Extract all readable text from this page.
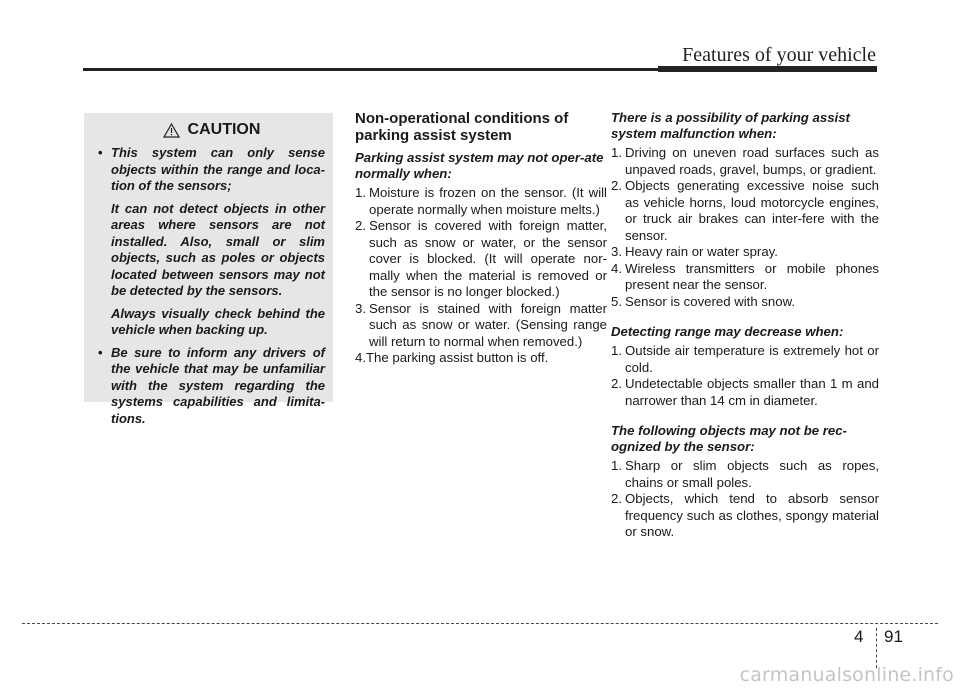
Features of your vehicle
CAUTION

• This system can only sense objects within the range and loca-tion of the sensors;

It can not detect objects in other areas where sensors are not installed. Also, small or slim objects, such as poles or objects located between sensors may not be detected by the sensors.

Always visually check behind the vehicle when backing up.

• Be sure to inform any drivers of the vehicle that may be unfamiliar with the system regarding the systems capabilities and limita-tions.

Non-operational conditions of parking assist system
Parking assist system may not oper-ate normally when:
1. Moisture is frozen on the sensor. (It will operate normally when moisture melts.)
2. Sensor is covered with foreign matter, such as snow or water, or the sensor cover is blocked. (It will operate nor-mally when the material is removed or the sensor is no longer blocked.)
3. Sensor is stained with foreign matter such as snow or water. (Sensing range will return to normal when removed.)

4.The parking assist button is off.

There is a possibility of parking assist system malfunction when:
1. Driving on uneven road surfaces such as unpaved roads, gravel, bumps, or gradient.
2. Objects generating excessive noise such as vehicle horns, loud motorcycle engines, or truck air brakes can inter-fere with the sensor.
3. Heavy rain or water spray.
4. Wireless transmitters or mobile phones present near the sensor.
5. Sensor is covered with snow.
Detecting range may decrease when:
1. Outside air temperature is extremely hot or cold.
2. Undetectable objects smaller than 1 m and narrower than 14 cm in diameter.
The following objects may not be rec-ognized by the sensor:
1. Sharp or slim objects such as ropes, chains or small poles.
2. Objects, which tend to absorb sensor frequency such as clothes, spongy material or snow.
4 91
carmanualsonline.info
